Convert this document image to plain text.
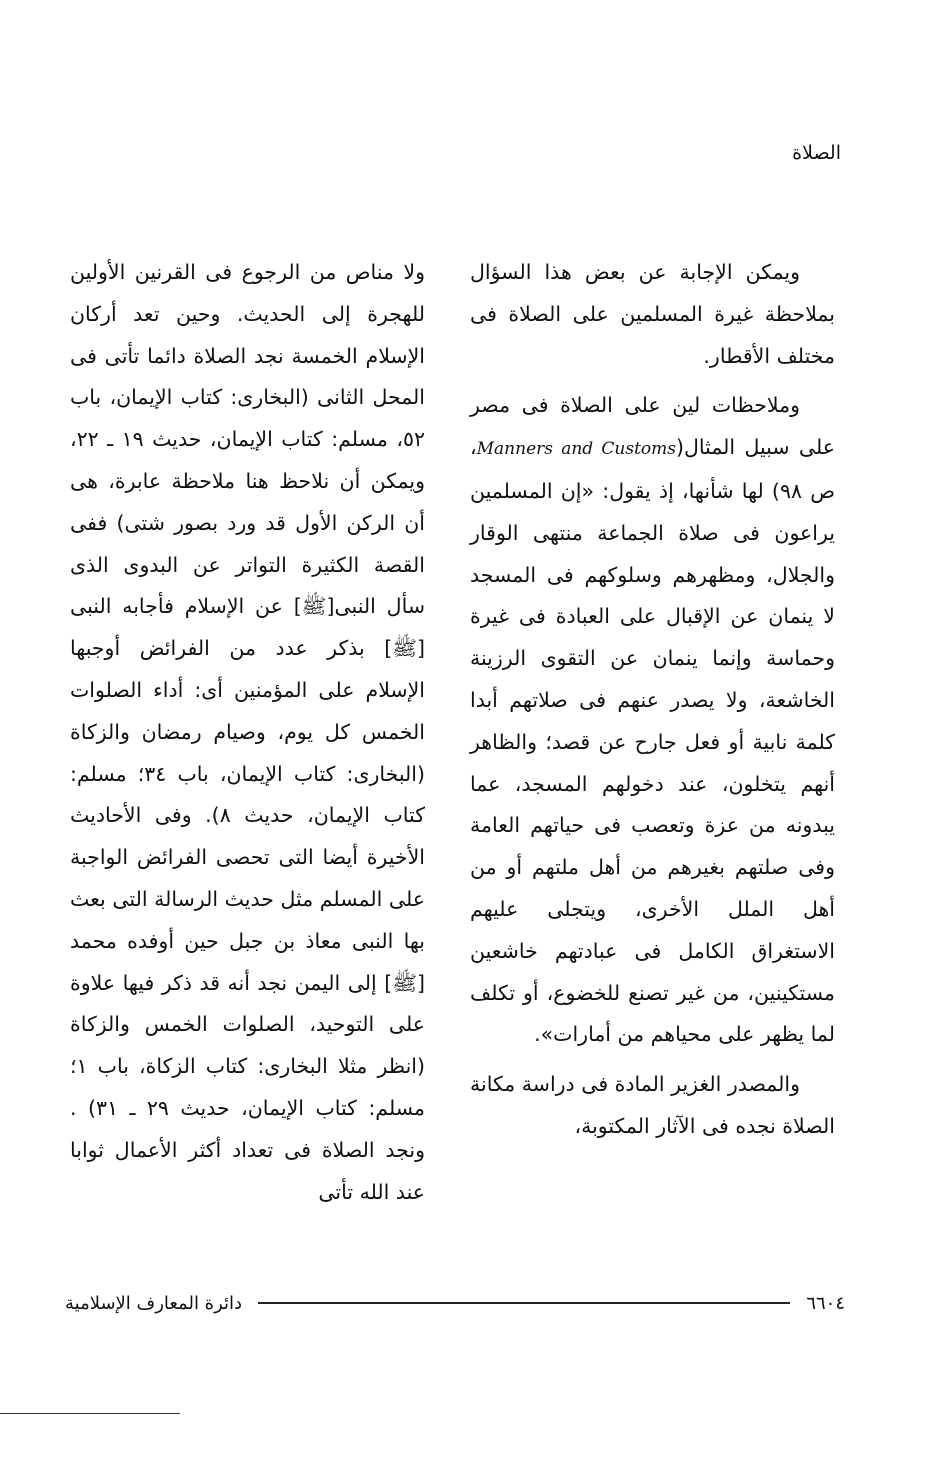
الصلاة

ويمكن الإجابة عن بعض هذا السؤال بملاحظة غيرة المسلمين على الصلاة فى مختلف الأقطار.

وملاحظات لين على الصلاة فى مصر على سبيل المثال(Manners and Customs، ص ٩٨) لها شأنها، إذ يقول: «إن المسلمين يراعون فى صلاة الجماعة منتهى الوقار والجلال، ومظهرهم وسلوكهم فى المسجد لا ينمان عن الإقبال على العبادة فى غيرة وحماسة وإنما ينمان عن التقوى الرزينة الخاشعة، ولا يصدر عنهم فى صلاتهم أبدا كلمة نابية أو فعل جارح عن قصد؛ والظاهر أنهم يتخلون، عند دخولهم المسجد، عما يبدونه من عزة وتعصب فى حياتهم العامة وفى صلتهم بغيرهم من أهل ملتهم أو من أهل الملل الأخرى، ويتجلى عليهم الاستغراق الكامل فى عبادتهم خاشعين مستكينين، من غير تصنع للخضوع، أو تكلف لما يظهر على محياهم من أمارات».

والمصدر الغزير المادة فى دراسة مكانة الصلاة نجده فى الآثار المكتوبة،

ولا مناص من الرجوع فى القرنين الأولين للهجرة إلى الحديث. وحين تعد أركان الإسلام الخمسة نجد الصلاة دائما تأتى فى المحل الثانى (البخارى: كتاب الإيمان، باب ٥٢، مسلم: كتاب الإيمان، حديث ١٩ ـ ٢٢، ويمكن أن نلاحظ هنا ملاحظة عابرة، هى أن الركن الأول قد ورد بصور شتى) ففى القصة الكثيرة التواتر عن البدوى الذى سأل النبى[ﷺ] عن الإسلام فأجابه النبى [ﷺ] بذكر عدد من الفرائض أوجبها الإسلام على المؤمنين أى: أداء الصلوات الخمس كل يوم، وصيام رمضان والزكاة (البخارى: كتاب الإيمان، باب ٣٤؛ مسلم: كتاب الإيمان، حديث ٨). وفى الأحاديث الأخيرة أيضا التى تحصى الفرائض الواجبة على المسلم مثل حديث الرسالة التى بعث بها النبى معاذ بن جبل حين أوفده محمد [ﷺ] إلى اليمن نجد أنه قد ذكر فيها علاوة على التوحيد، الصلوات الخمس والزكاة (انظر مثلا البخارى: كتاب الزكاة، باب ١؛ مسلم: كتاب الإيمان، حديث ٢٩ ـ ٣١) . ونجد الصلاة فى تعداد أكثر الأعمال ثوابا عند الله تأتى

دائرة المعارف الإسلامية	٦٦٠٤
